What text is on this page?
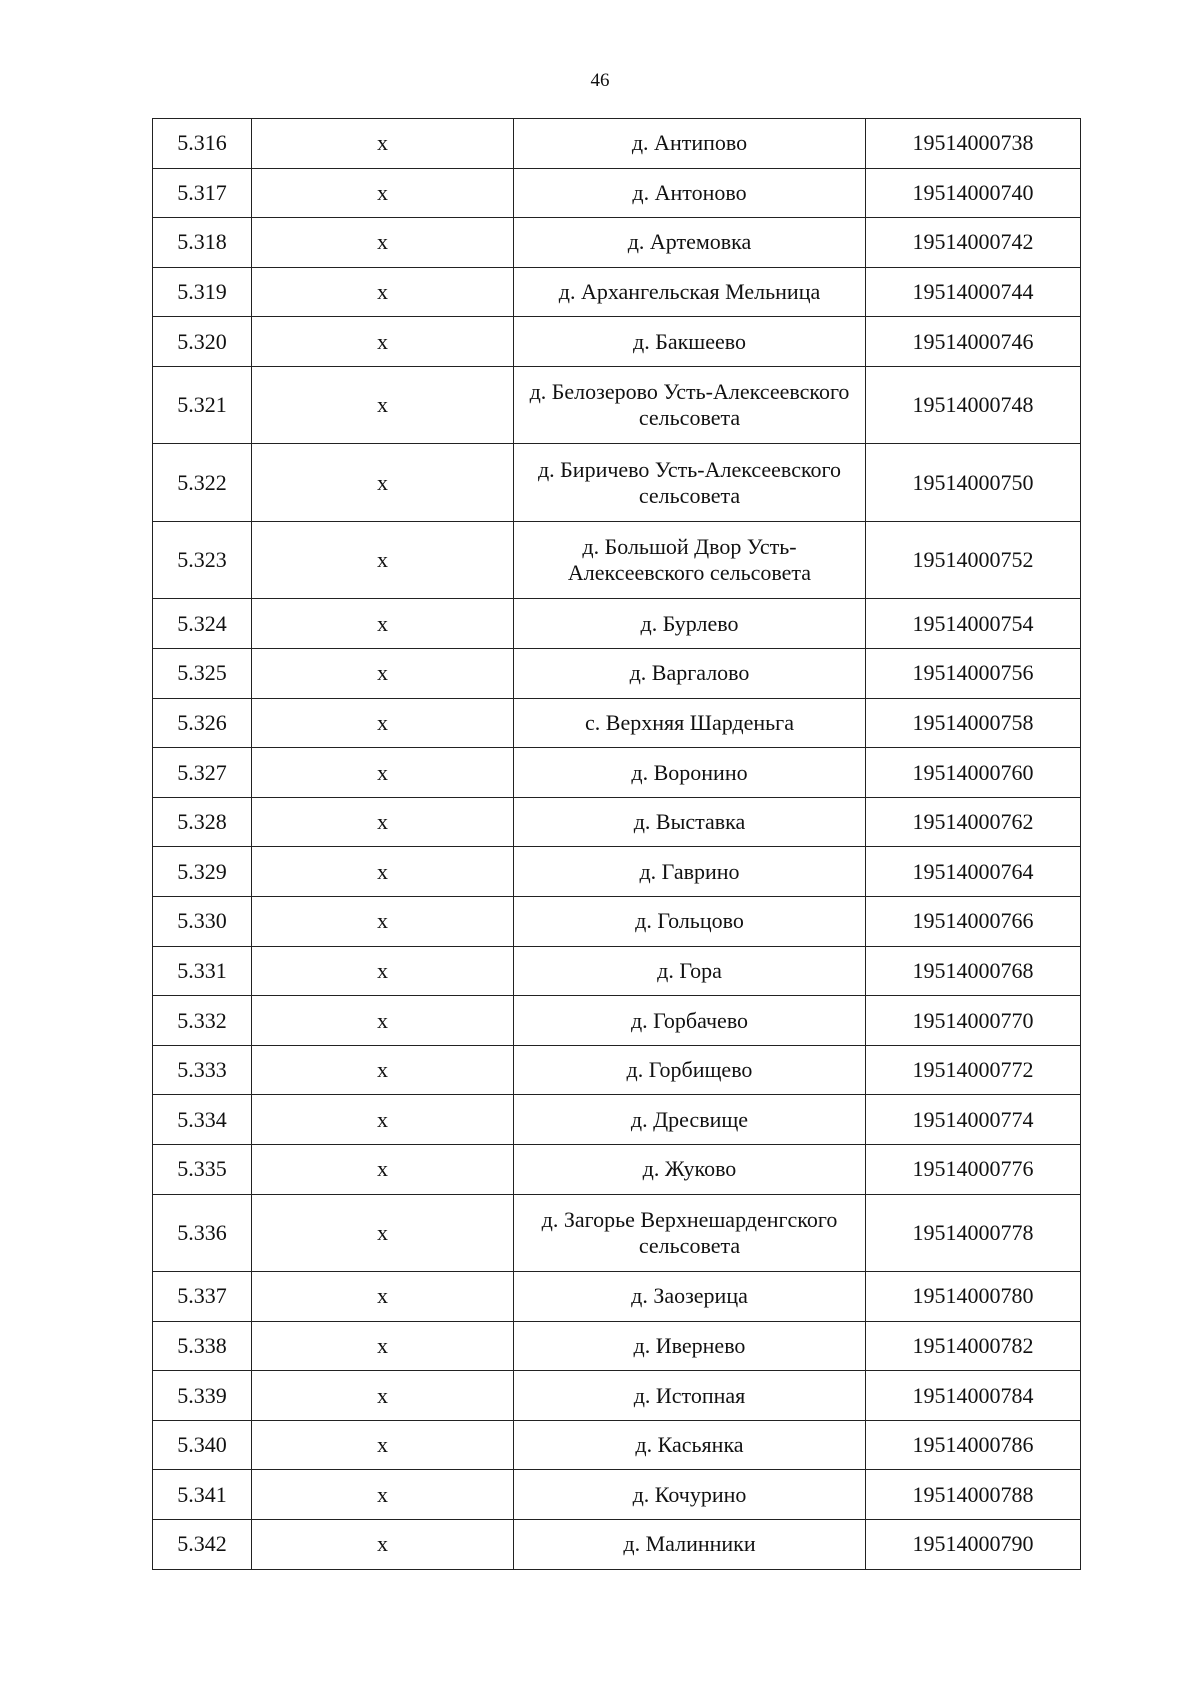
46
5.316	х	д. Антипово	19514000738
5.317	х	д. Антоново	19514000740
5.318	х	д. Артемовка	19514000742
5.319	х	д. Архангельская Мельница	19514000744
5.320	х	д. Бакшеево	19514000746
5.321	х	д. Белозерово Усть-Алексеевского сельсовета	19514000748
5.322	х	д. Биричево Усть-Алексеевского сельсовета	19514000750
5.323	х	д. Большой Двор Усть-Алексеевского сельсовета	19514000752
5.324	х	д. Бурлево	19514000754
5.325	х	д. Варгалово	19514000756
5.326	х	с. Верхняя Шарденьга	19514000758
5.327	х	д. Воронино	19514000760
5.328	х	д. Выставка	19514000762
5.329	х	д. Гаврино	19514000764
5.330	х	д. Гольцово	19514000766
5.331	х	д. Гора	19514000768
5.332	х	д. Горбачево	19514000770
5.333	х	д. Горбищево	19514000772
5.334	х	д. Дресвище	19514000774
5.335	х	д. Жуково	19514000776
5.336	х	д. Загорье Верхнешарденгского сельсовета	19514000778
5.337	х	д. Заозерица	19514000780
5.338	х	д. Ивернево	19514000782
5.339	х	д. Истопная	19514000784
5.340	х	д. Касьянка	19514000786
5.341	х	д. Кочурино	19514000788
5.342	х	д. Малинники	19514000790
